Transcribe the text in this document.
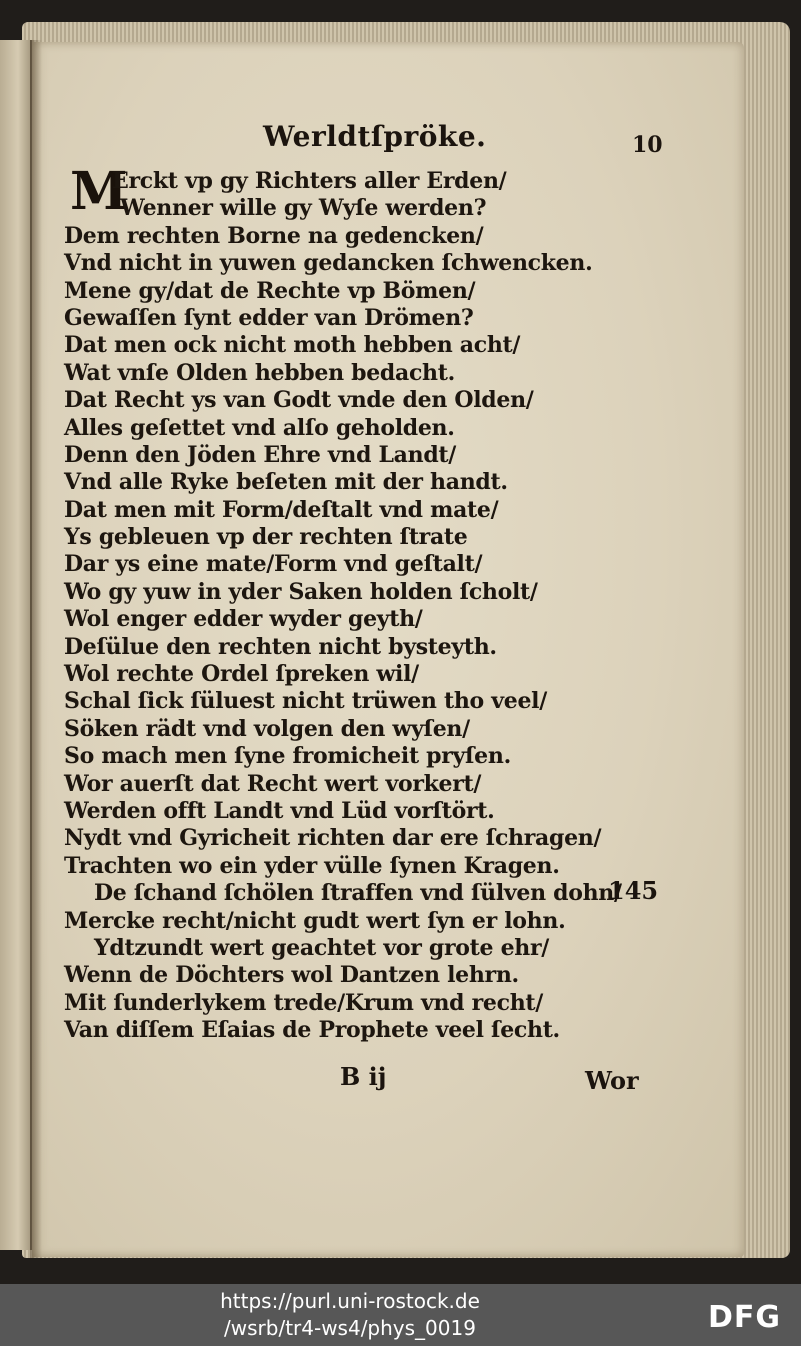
Werldtſpröke.	10
M
Erckt vp gy Richters aller Erden/
Wenner wille gy Wyſe werden?
Dem rechten Borne na gedencken/
Vnd nicht in yuwen gedancken ſchwencken.
Mene gy/dat de Rechte vp Bömen/
Gewaſſen ſynt edder van Drömen?
Dat men ock nicht moth hebben acht/
Wat vnſe Olden hebben bedacht.
Dat Recht ys van Godt vnde den Olden/
Alles geſettet vnd alſo geholden.
Denn den Jöden Ehre vnd Landt/
Vnd alle Ryke beſeten mit der handt.
Dat men mit Form/deſtalt vnd mate/
Ys gebleuen vp der rechten ſtrate
Dar ys eine mate/Form vnd geſtalt/
Wo gy yuw in yder Saken holden ſcholt/
Wol enger edder wyder geyth/
Deſülue den rechten nicht bysteyth.
Wol rechte Ordel ſpreken wil/
Schal ſick ſüluest nicht trüwen tho veel/
Söken rädt vnd volgen den wyſen/
So mach men ſyne fromicheit pryſen.
Wor auerſt dat Recht wert vorkert/
Werden offt Landt vnd Lüd vorſtört.
Nydt vnd Gyricheit richten dar ere ſchragen/
Trachten wo ein yder vülle ſynen Kragen.
De ſchand ſchölen ſtraffen vnd ſülven dohn/
Mercke recht/nicht gudt wert ſyn er lohn.
Ydtzundt wert geachtet vor grote ehr/
Wenn de Döchters wol Dantzen lehrn.
Mit ſunderlykem trede/Krum vnd recht/
Van diſſem Eſaias de Prophete veel ſecht.
145
B ij	Wor
https://purl.uni-rostock.de
/wsrb/tr4-ws4/phys_0019	DFG
